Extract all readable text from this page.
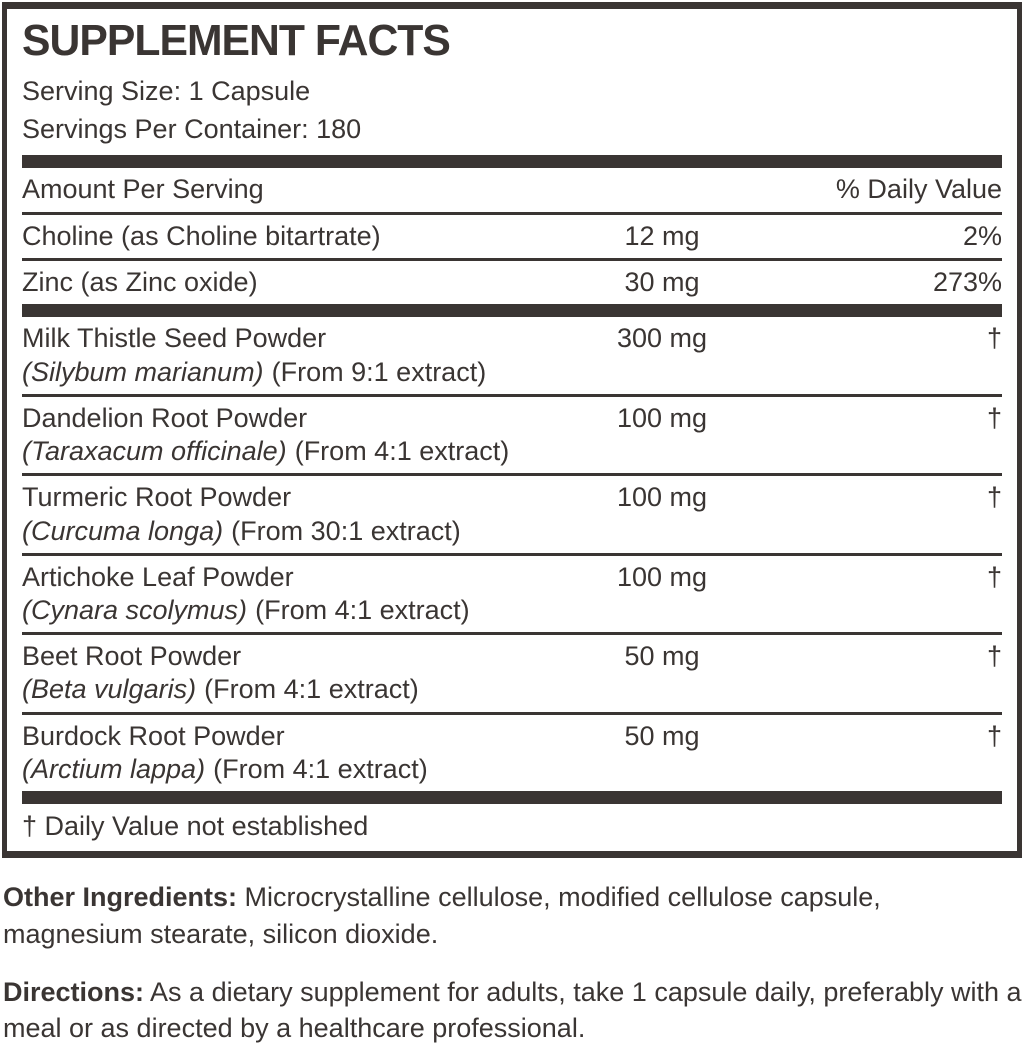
SUPPLEMENT FACTS
Serving Size: 1 Capsule
Servings Per Container: 180
Amount Per Serving	% Daily Value
Choline (as Choline bitartrate)	12 mg	2%
Zinc (as Zinc oxide)	30 mg	273%
Milk Thistle Seed Powder
(Silybum marianum) (From 9:1 extract)
300 mg	†
Dandelion Root Powder
(Taraxacum officinale) (From 4:1 extract)
100 mg	†
Turmeric Root Powder
(Curcuma longa) (From 30:1 extract)
100 mg	†
Artichoke Leaf Powder
(Cynara scolymus) (From 4:1 extract)
100 mg	†
Beet Root Powder
(Beta vulgaris) (From 4:1 extract)
50 mg	†
Burdock Root Powder
(Arctium lappa) (From 4:1 extract)
50 mg	†
† Daily Value not established

Other Ingredients: Microcrystalline cellulose, modified cellulose capsule, magnesium stearate, silicon dioxide.

Directions: As a dietary supplement for adults, take 1 capsule daily, preferably with a meal or as directed by a healthcare professional.
